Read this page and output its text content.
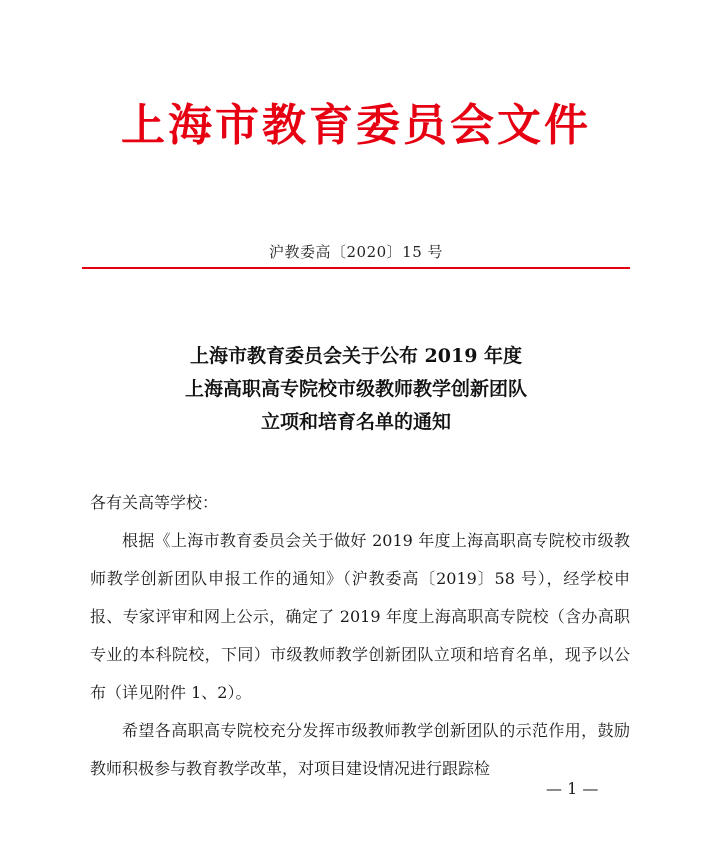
上海市教育委员会文件
沪教委高〔2020〕15 号
上海市教育委员会关于公布 2019 年度
上海高职高专院校市级教师教学创新团队
立项和培育名单的通知

各有关高等学校：

根据《上海市教育委员会关于做好 2019 年度上海高职高专院校市级教师教学创新团队申报工作的通知》（沪教委高〔2019〕58 号），经学校申报、专家评审和网上公示，确定了 2019 年度上海高职高专院校（含办高职专业的本科院校，下同）市级教师教学创新团队立项和培育名单，现予以公布（详见附件 1、2）。

希望各高职高专院校充分发挥市级教师教学创新团队的示范作用，鼓励教师积极参与教育教学改革，对项目建设情况进行跟踪检

— 1 —
